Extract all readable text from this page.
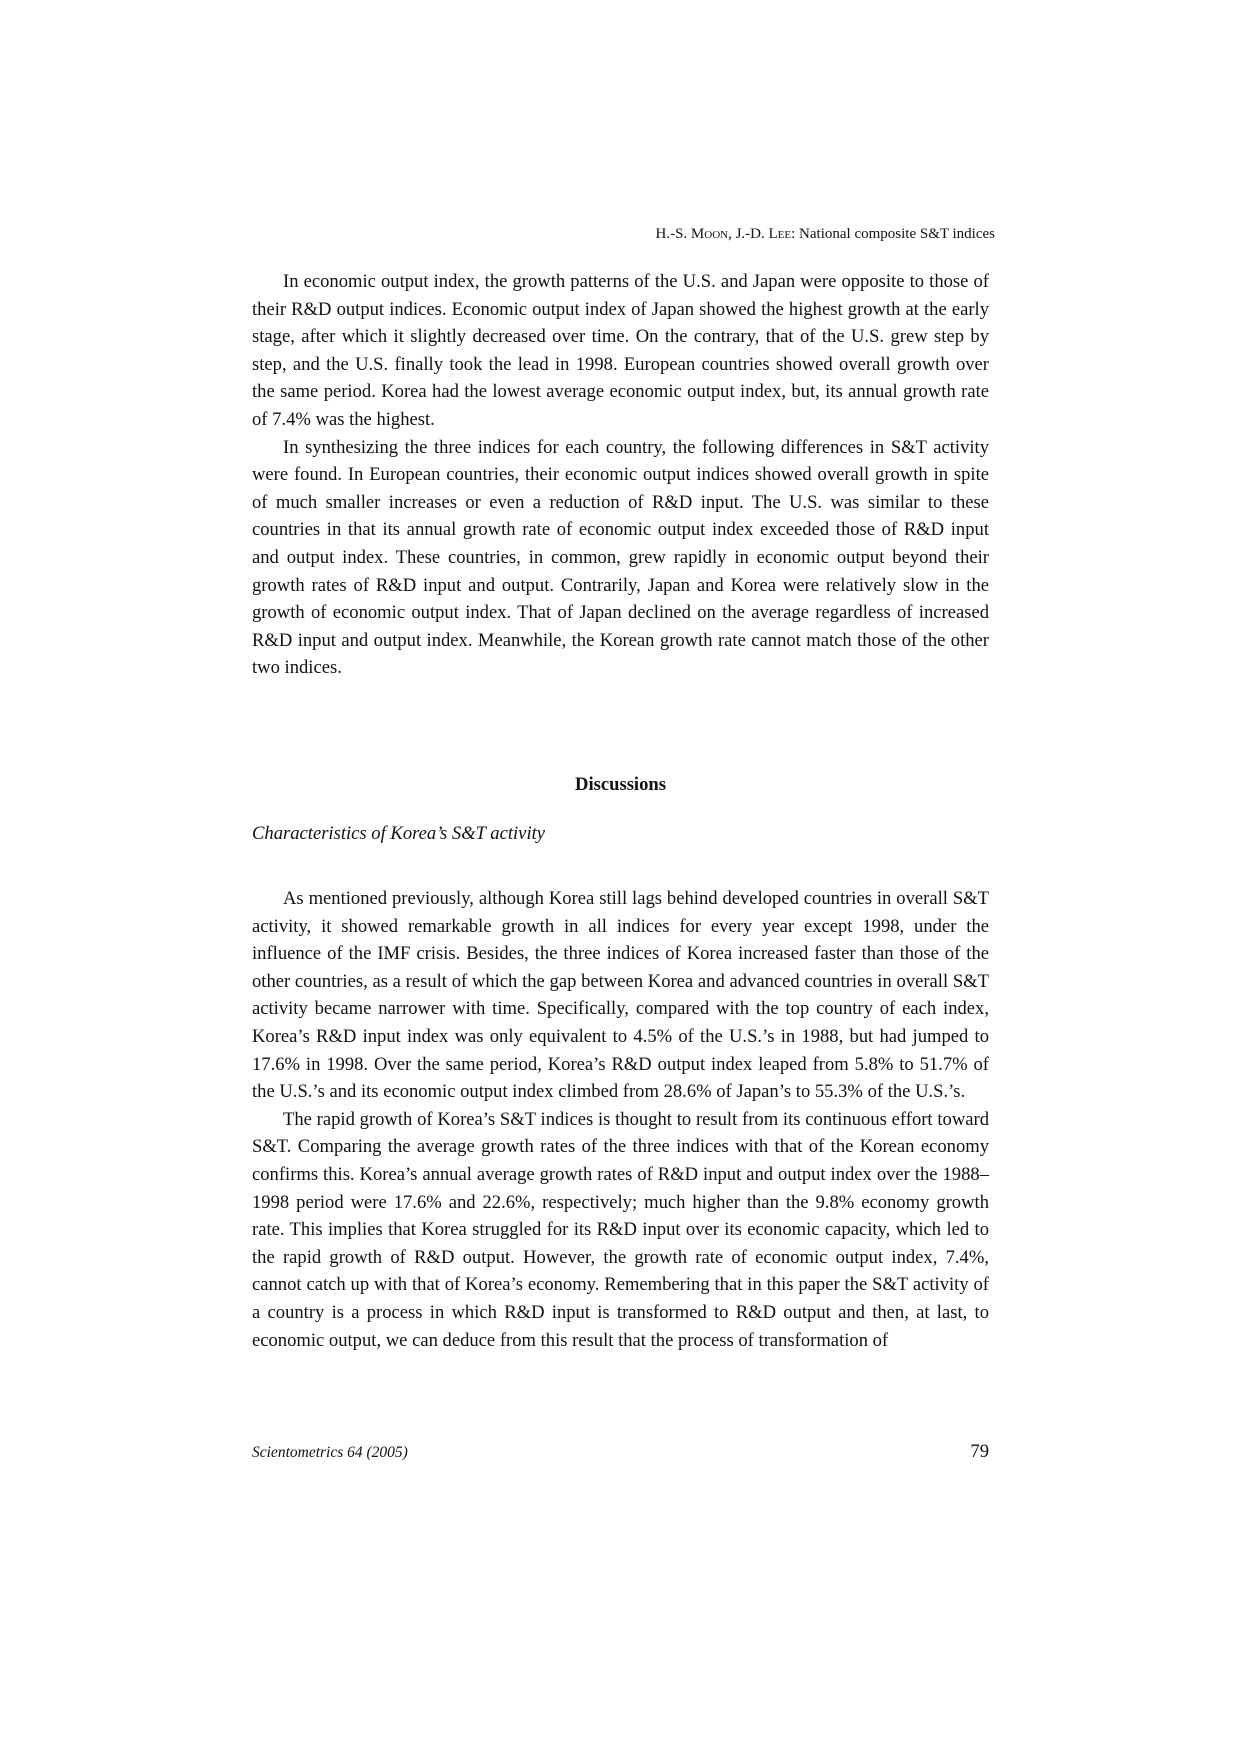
H.-S. Moon, J.-D. Lee: National composite S&T indices

In economic output index, the growth patterns of the U.S. and Japan were opposite to those of their R&D output indices. Economic output index of Japan showed the highest growth at the early stage, after which it slightly decreased over time. On the contrary, that of the U.S. grew step by step, and the U.S. finally took the lead in 1998. European countries showed overall growth over the same period. Korea had the lowest average economic output index, but, its annual growth rate of 7.4% was the highest.

In synthesizing the three indices for each country, the following differences in S&T activity were found. In European countries, their economic output indices showed overall growth in spite of much smaller increases or even a reduction of R&D input. The U.S. was similar to these countries in that its annual growth rate of economic output index exceeded those of R&D input and output index. These countries, in common, grew rapidly in economic output beyond their growth rates of R&D input and output. Contrarily, Japan and Korea were relatively slow in the growth of economic output index. That of Japan declined on the average regardless of increased R&D input and output index. Meanwhile, the Korean growth rate cannot match those of the other two indices.

Discussions
Characteristics of Korea’s S&T activity

As mentioned previously, although Korea still lags behind developed countries in overall S&T activity, it showed remarkable growth in all indices for every year except 1998, under the influence of the IMF crisis. Besides, the three indices of Korea increased faster than those of the other countries, as a result of which the gap between Korea and advanced countries in overall S&T activity became narrower with time. Specifically, compared with the top country of each index, Korea’s R&D input index was only equivalent to 4.5% of the U.S.’s in 1988, but had jumped to 17.6% in 1998. Over the same period, Korea’s R&D output index leaped from 5.8% to 51.7% of the U.S.’s and its economic output index climbed from 28.6% of Japan’s to 55.3% of the U.S.’s.

The rapid growth of Korea’s S&T indices is thought to result from its continuous effort toward S&T. Comparing the average growth rates of the three indices with that of the Korean economy confirms this. Korea’s annual average growth rates of R&D input and output index over the 1988–1998 period were 17.6% and 22.6%, respectively; much higher than the 9.8% economy growth rate. This implies that Korea struggled for its R&D input over its economic capacity, which led to the rapid growth of R&D output. However, the growth rate of economic output index, 7.4%, cannot catch up with that of Korea’s economy. Remembering that in this paper the S&T activity of a country is a process in which R&D input is transformed to R&D output and then, at last, to economic output, we can deduce from this result that the process of transformation of

Scientometrics 64 (2005)	79
